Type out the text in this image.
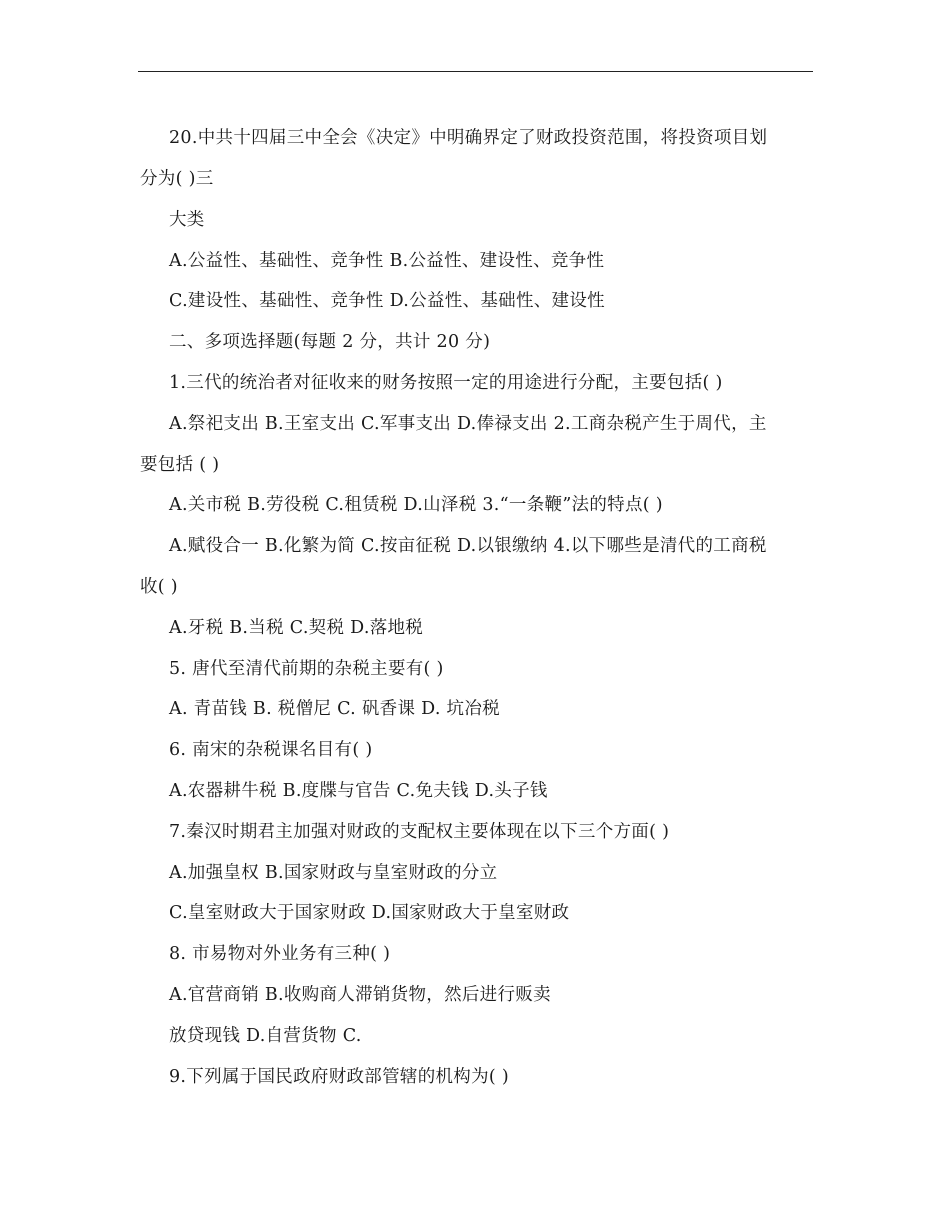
20.中共十四届三中全会《决定》中明确界定了财政投资范围，将投资项目划
分为( )三
大类
A.公益性、基础性、竞争性 B.公益性、建设性、竞争性
C.建设性、基础性、竞争性 D.公益性、基础性、建设性
二、多项选择题(每题 2 分，共计 20 分)
1.三代的统治者对征收来的财务按照一定的用途进行分配，主要包括( )
A.祭祀支出 B.王室支出 C.军事支出 D.俸禄支出 2.工商杂税产生于周代，主
要包括 ( )
A.关市税 B.劳役税 C.租赁税 D.山泽税 3.“一条鞭”法的特点( )
A.赋役合一 B.化繁为简 C.按亩征税 D.以银缴纳 4.以下哪些是清代的工商税
收( )
A.牙税 B.当税 C.契税 D.落地税
5. 唐代至清代前期的杂税主要有( )
A. 青苗钱 B. 税僧尼 C. 矾香课 D. 坑冶税
6. 南宋的杂税课名目有( )
A.农器耕牛税 B.度牒与官告 C.免夫钱 D.头子钱
7.秦汉时期君主加强对财政的支配权主要体现在以下三个方面( )
A.加强皇权 B.国家财政与皇室财政的分立
C.皇室财政大于国家财政 D.国家财政大于皇室财政
8. 市易物对外业务有三种( )
A.官营商销 B.收购商人滞销货物，然后进行贩卖
放贷现钱 D.自营货物 C.
9.下列属于国民政府财政部管辖的机构为( )
